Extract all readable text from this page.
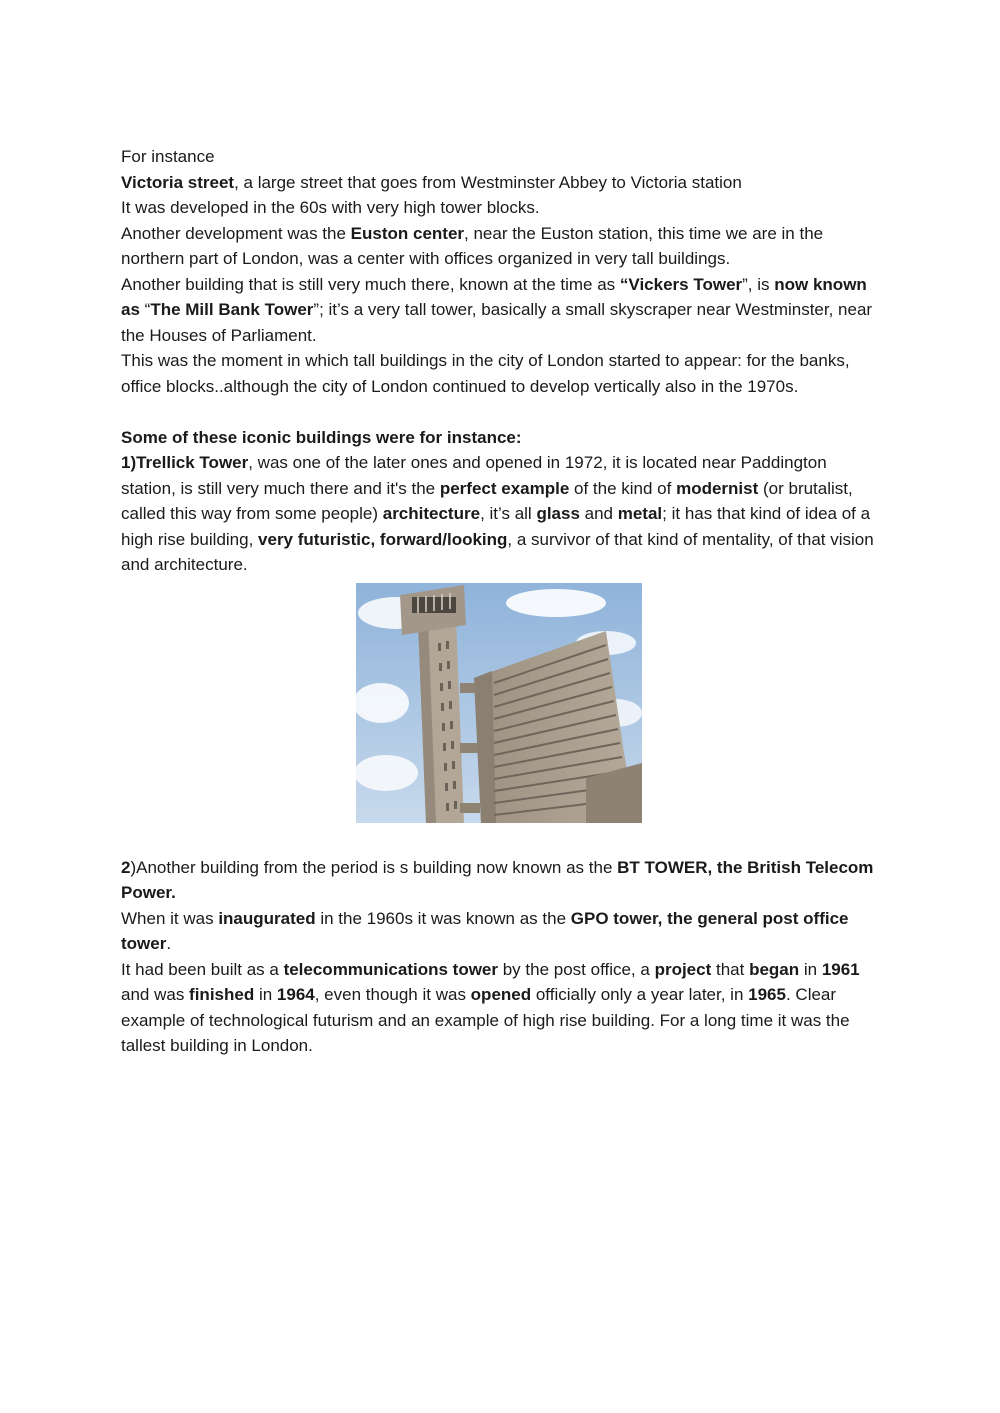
For instance

Victoria street, a large street that goes from Westminster Abbey to Victoria station

It was developed in the 60s with very high tower blocks.

Another development was the Euston center, near the Euston station, this time we are in the northern part of London, was a center with offices organized in very tall buildings.

Another building that is still very much there, known at the time as “Vickers Tower”, is now known as “The Mill Bank Tower”; it’s a very tall tower, basically a small skyscraper near Westminster, near the Houses of Parliament.

This was the moment in which tall buildings in the city of London started to appear: for the banks, office blocks..although the city of London continued to develop vertically also in the 1970s.

Some of these iconic buildings were for instance:

1)Trellick Tower, was one of the later ones and opened in 1972, it is located near Paddington station, is still very much there and it's the perfect example of the kind of modernist (or brutalist, called this way from some people) architecture, it’s all glass and metal; it has that kind of idea of a high rise building, very futuristic, forward/looking, a survivor of that kind of mentality, of that vision and architecture.

2)Another building from the period is s building now known as the BT TOWER, the British Telecom Power.

When it was inaugurated in the 1960s it was known as the GPO tower, the general post office tower.

It had been built as a telecommunications tower by the post office, a project that began in 1961 and was finished in 1964, even though it was opened officially only a year later, in 1965. Clear example of technological futurism and an example of high rise building. For a long time it was the tallest building in London.
